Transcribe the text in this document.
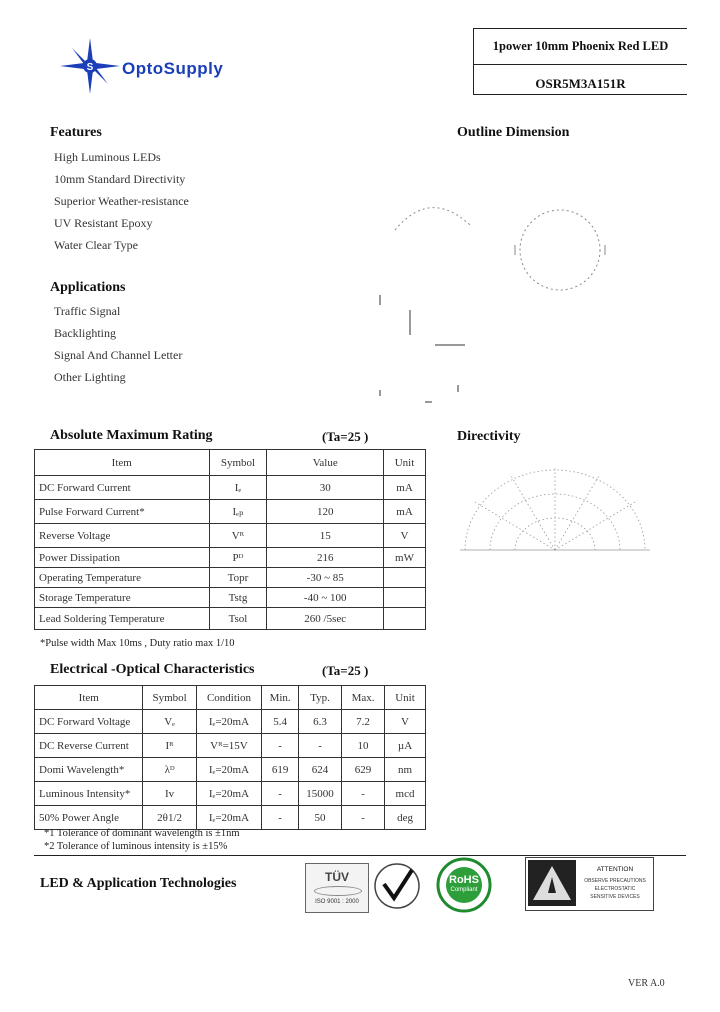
S OptoSupply
1power 10mm Phoenix Red LED
OSR5M3A151R
Features
High Luminous LEDs
10mm Standard Directivity
Superior Weather-resistance
UV Resistant Epoxy
Water Clear Type
Applications
Traffic Signal
Backlighting
Signal And Channel Letter
Other Lighting
Outline Dimension
Directivity
Absolute Maximum Rating	(Ta=25 )
Item	Symbol	Value	Unit
DC Forward Current	Iₑ	30	mA
Pulse Forward Current*	Iₑₚ	120	mA
Reverse Voltage	Vᴿ	15	V
Power Dissipation	Pᴰ	216	mW
Operating Temperature	Topr	-30 ~ 85	
Storage Temperature	Tstg	-40 ~ 100	
Lead Soldering Temperature	Tsol	260 /5sec	
*Pulse width Max 10ms , Duty ratio max 1/10
Electrical -Optical Characteristics	(Ta=25 )
Item	Symbol	Condition	Min.	Typ.	Max.	Unit
DC Forward Voltage	Vₑ	Iₑ=20mA	5.4	6.3	7.2	V
DC Reverse Current	Iᴿ	Vᴿ=15V	-	-	10	µA
Domi Wavelength*	λᴰ	Iₑ=20mA	619	624	629	nm
Luminous Intensity*	Iv	Iₑ=20mA	-	15000	-	mcd
50% Power Angle	2θ1/2	Iₑ=20mA	-	50	-	deg
*1 Tolerance of dominant wavelength is ±1nm
*2 Tolerance of luminous intensity is ±15%
LED & Application Technologies	TÜV
ISO 9001 : 2000
RoHS
Compliant
ATTENTION
OBSERVE PRECAUTIONS
ELECTROSTATIC
SENSITIVE DEVICES
VER A.0
